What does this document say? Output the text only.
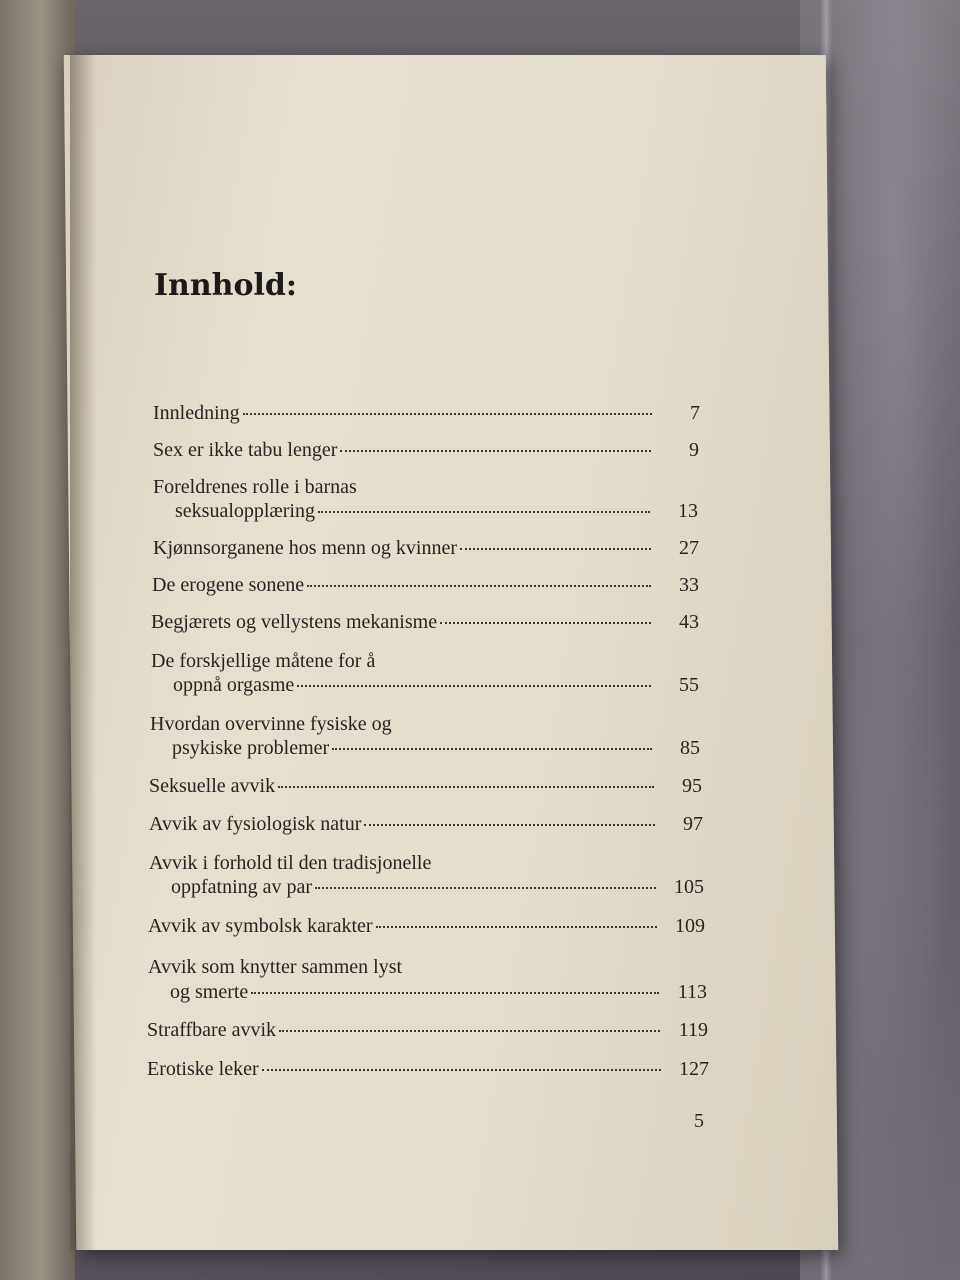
Innhold:
Innledning	7
Sex er ikke tabu lenger	9
Foreldrenes rolle i barnas
seksualopplæring	13
Kjønnsorganene hos menn og kvinner	27
De erogene sonene	33
Begjærets og vellystens mekanisme	43
De forskjellige måtene for å
oppnå orgasme	55
Hvordan overvinne fysiske og
psykiske problemer	85
Seksuelle avvik	95
Avvik av fysiologisk natur	97
Avvik i forhold til den tradisjonelle
oppfatning av par	105
Avvik av symbolsk karakter	109
Avvik som knytter sammen lyst
og smerte	113
Straffbare avvik	119
Erotiske leker	127
5
